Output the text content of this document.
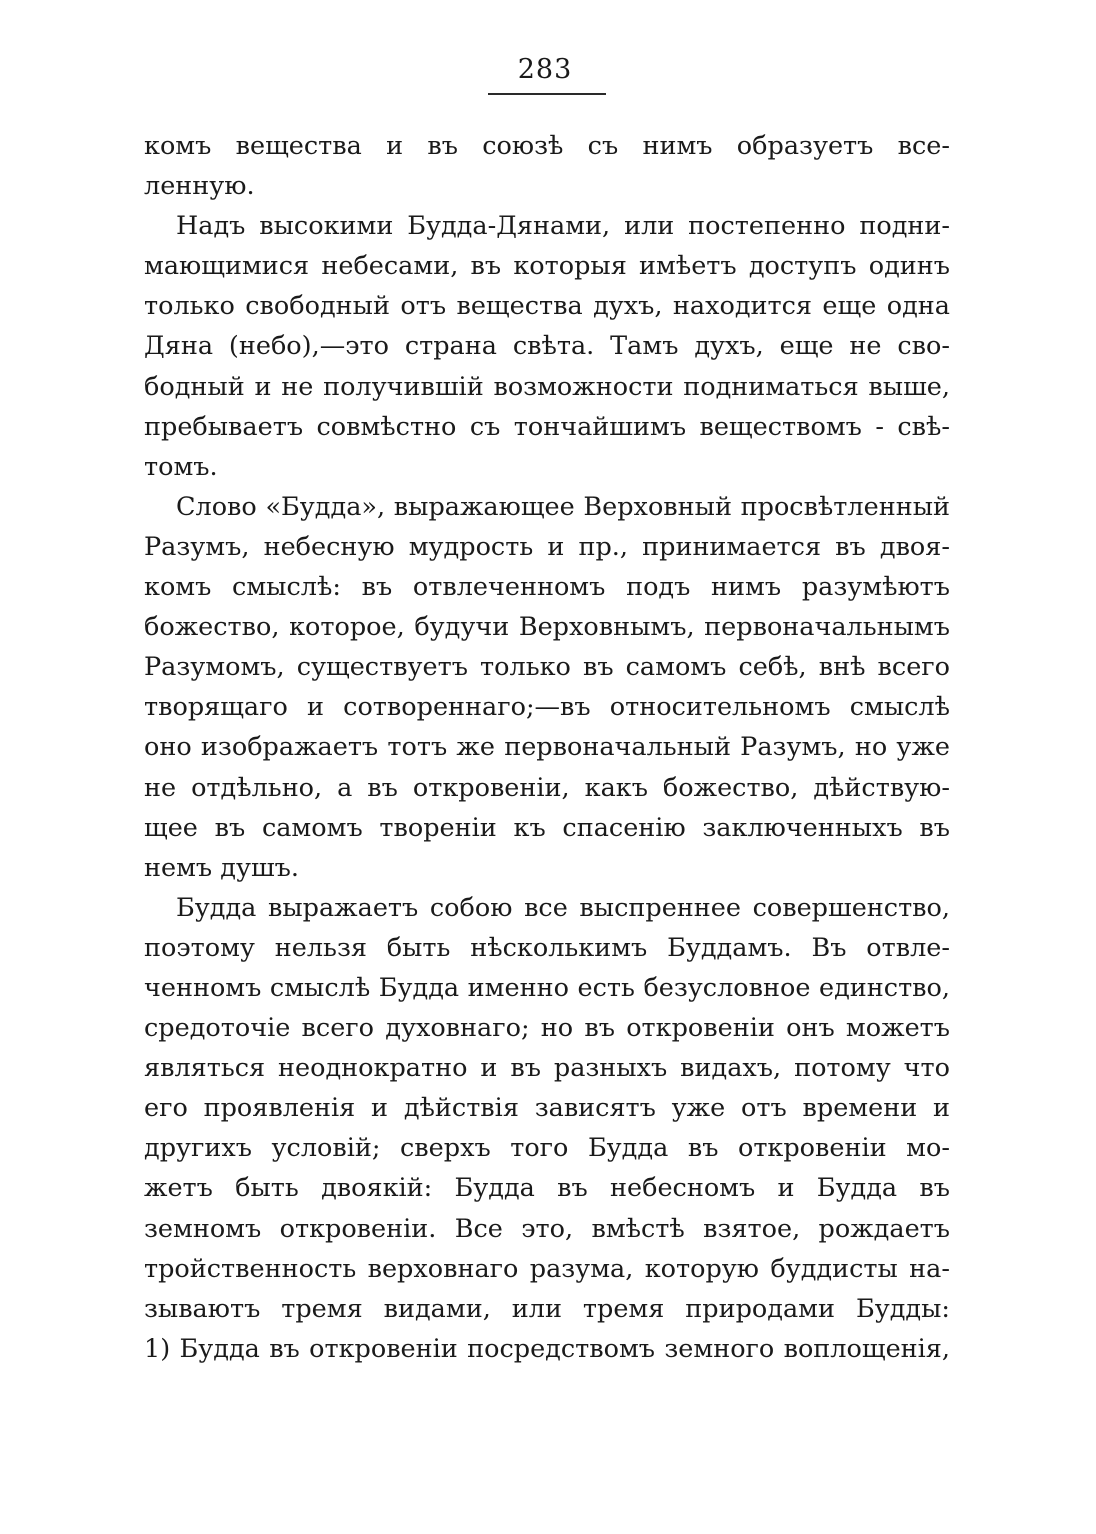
283
комъ вещества и въ союзѣ съ нимъ образуетъ все-
ленную.
Надъ высокими Будда-Дянами, или постепенно подни-
мающимися небесами, въ которыя имѣетъ доступъ одинъ
только свободный отъ вещества духъ, находится еще одна
Дяна (небо),—это страна свѣта. Тамъ духъ, еще не сво-
бодный и не получившій возможности подниматься выше,
пребываетъ совмѣстно съ тончайшимъ веществомъ - свѣ-
томъ.
Слово «Будда», выражающее Верховный просвѣтленный
Разумъ, небесную мудрость и пр., принимается въ двоя-
комъ смыслѣ: въ отвлеченномъ подъ нимъ разумѣютъ
божество, которое, будучи Верховнымъ, первоначальнымъ
Разумомъ, существуетъ только въ самомъ себѣ, внѣ всего
творящаго и сотвореннаго;—въ относительномъ смыслѣ
оно изображаетъ тотъ же первоначальный Разумъ, но уже
не отдѣльно, а въ откровеніи, какъ божество, дѣйствую-
щее въ самомъ твореніи къ спасенію заключенныхъ въ
немъ душъ.
Будда выражаетъ собою все выспреннее совершенство,
поэтому нельзя быть нѣсколькимъ Буддамъ. Въ отвле-
ченномъ смыслѣ Будда именно есть безусловное единство,
средоточіе всего духовнаго; но въ откровеніи онъ можетъ
являться неоднократно и въ разныхъ видахъ, потому что
его проявленія и дѣйствія зависятъ уже отъ времени и
другихъ условій; сверхъ того Будда въ откровеніи мо-
жетъ быть двоякій: Будда въ небесномъ и Будда въ
земномъ откровеніи. Все это, вмѣстѣ взятое, рождаетъ
тройственность верховнаго разума, которую буддисты на-
зываютъ тремя видами, или тремя природами Будды:
1) Будда въ откровеніи посредствомъ земного воплощенія,
